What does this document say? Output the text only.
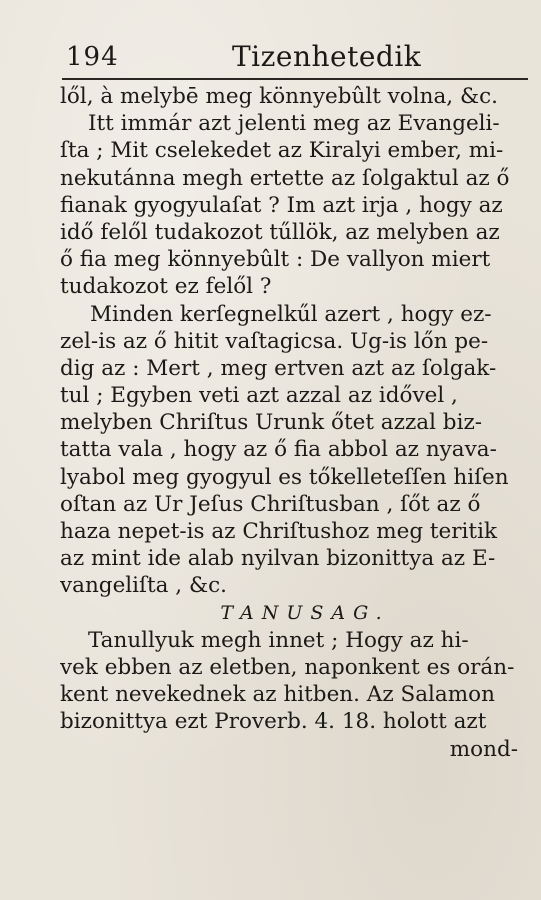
194	Tizenhetedik
lől, à melybē meg könnyebûlt volna, &c.
Itt immár azt jelenti meg az Evangeli-
ſta ; Mit cselekedet az Kiralyi ember, mi-
nekutánna megh ertette az ſolgaktul az ő
fianak gyogyulaſat ? Im azt irja , hogy az
idő felől tudakozot tűllök, az melyben az
ő fia meg könnyebûlt : De vallyon miert
tudakozot ez felől ?
Minden kerſegnelkűl azert , hogy ez-
zel-is az ő hitit vaſtagicsa. Ug-is lőn pe-
dig az : Mert , meg ertven azt az ſolgak-
tul ; Egyben veti azt azzal az idővel ,
melyben Chriſtus Urunk őtet azzal biz-
tatta vala , hogy az ő fia abbol az nyava-
lyabol meg gyogyul es tőkelletеſſen hiſen
oſtan az Ur Jeſus Chriſtusban , ſőt az ő
haza nepet-is az Chriſtushoz meg teritik
az mint ide alab nyilvan bizonittya az E-
vangeliſta , &c.
TANUSAG.
Tanullyuk megh innet ; Hogy az hi-
vek ebben az eletben, naponkent es orán-
kent nevekednek az hitben. Az Salamon
bizonittya ezt Proverb. 4. 18. holott azt
mond-
